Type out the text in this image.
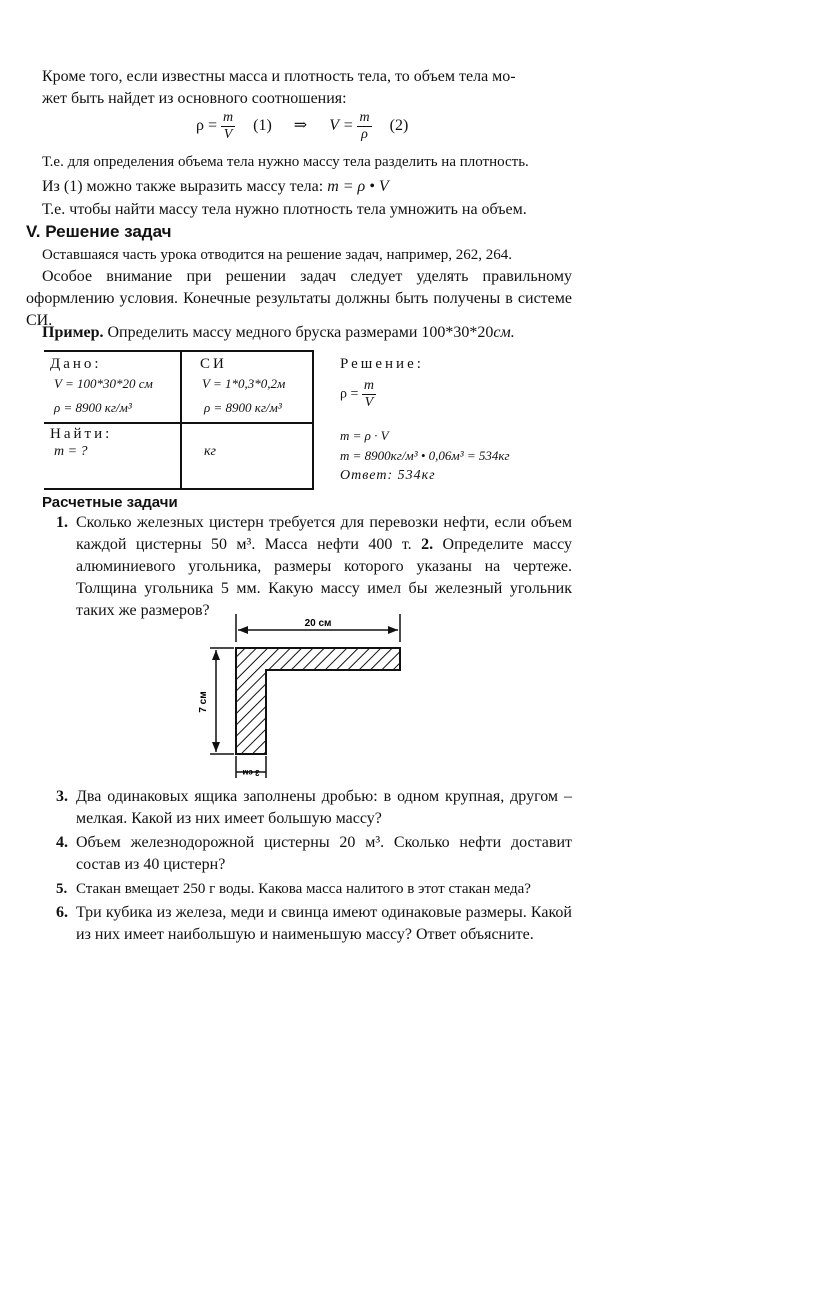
Кроме того, если известны масса и плотность тела, то объем тела мо-
жет быть найдет из основного соотношения:
$\rho = \frac{m}{V} (1)$ ⇒ $V = \frac{m}{\rho} (2)$
Т.е. для определения объема тела нужно массу тела разделить на плотность.
Из (1) можно также выразить массу тела: m = ρ • V
Т.е. чтобы найти массу тела нужно плотность тела умножить на объем.
V. Решение задач
Оставшаяся часть урока отводится на решение задач, например, 262, 264.

Особое внимание при решении задач следует уделять правильному оформлению условия. Конечные результаты должны быть получены в системе СИ.

Пример. Определить массу медного бруска размерами 100*30*20см.
Дано:
V = 100*30*20 см
ρ = 8900 кг/м³
СИ
V = 1*0,3*0,2м
ρ = 8900 кг/м³
Найти:
m = ?	кг
Решение:
$\rho = \frac{m}{V}$
m = ρ · V
m = 8900кг/м³ • 0,06м³ = 534кг
Ответ: 534кг
Расчетные задачи
1. Сколько железных цистерн требуется для перевозки нефти, если объем каждой цистерны 50 м³. Масса нефти 400 т. 2. Определите массу алюминиевого угольника, размеры которого указаны на чертеже. Толщина угольника 5 мм. Какую массу имел бы железный угольник таких же размеров?
20 см
7 см
3 см
3. Два одинаковых ящика заполнены дробью: в одном крупная, другом – мелкая. Какой из них имеет большую массу?
4. Объем железнодорожной цистерны 20 м³. Сколько нефти доставит состав из 40 цистерн?
5. Стакан вмещает 250 г воды. Какова масса налитого в этот стакан меда?
6. Три кубика из железа, меди и свинца имеют одинаковые размеры. Какой из них имеет наибольшую и наименьшую массу? Ответ объясните.
